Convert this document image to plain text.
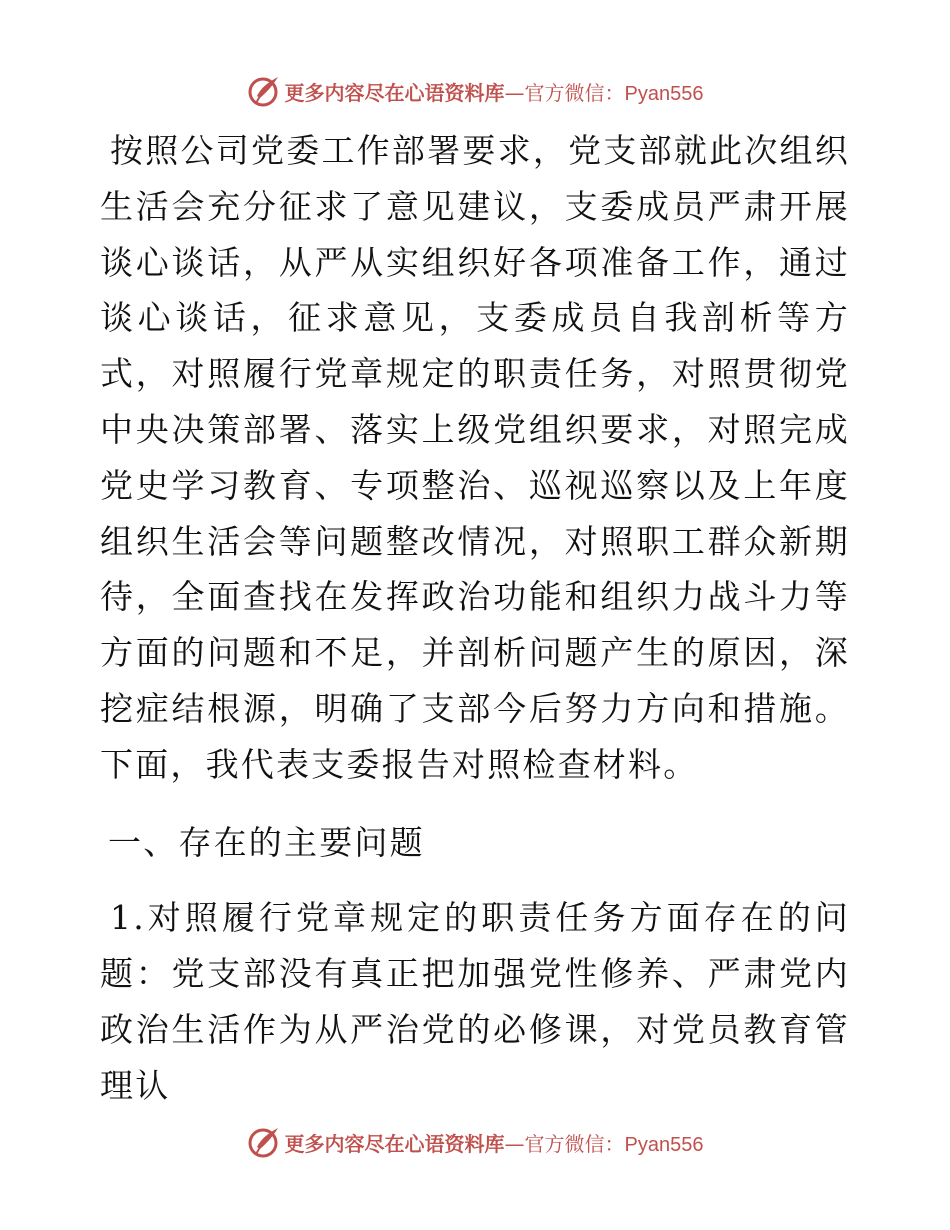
更多内容尽在心语资料库—官方微信：Pyan556

按照公司党委工作部署要求，党支部就此次组织生活会充分征求了意见建议，支委成员严肃开展谈心谈话，从严从实组织好各项准备工作，通过谈心谈话，征求意见，支委成员自我剖析等方式，对照履行党章规定的职责任务，对照贯彻党中央决策部署、落实上级党组织要求，对照完成党史学习教育、专项整治、巡视巡察以及上年度组织生活会等问题整改情况，对照职工群众新期待，全面查找在发挥政治功能和组织力战斗力等方面的问题和不足，并剖析问题产生的原因，深挖症结根源，明确了支部今后努力方向和措施。下面，我代表支委报告对照检查材料。

一、存在的主要问题

1.对照履行党章规定的职责任务方面存在的问题：党支部没有真正把加强党性修养、严肃党内政治生活作为从严治党的必修课，对党员教育管理认

更多内容尽在心语资料库—官方微信：Pyan556
